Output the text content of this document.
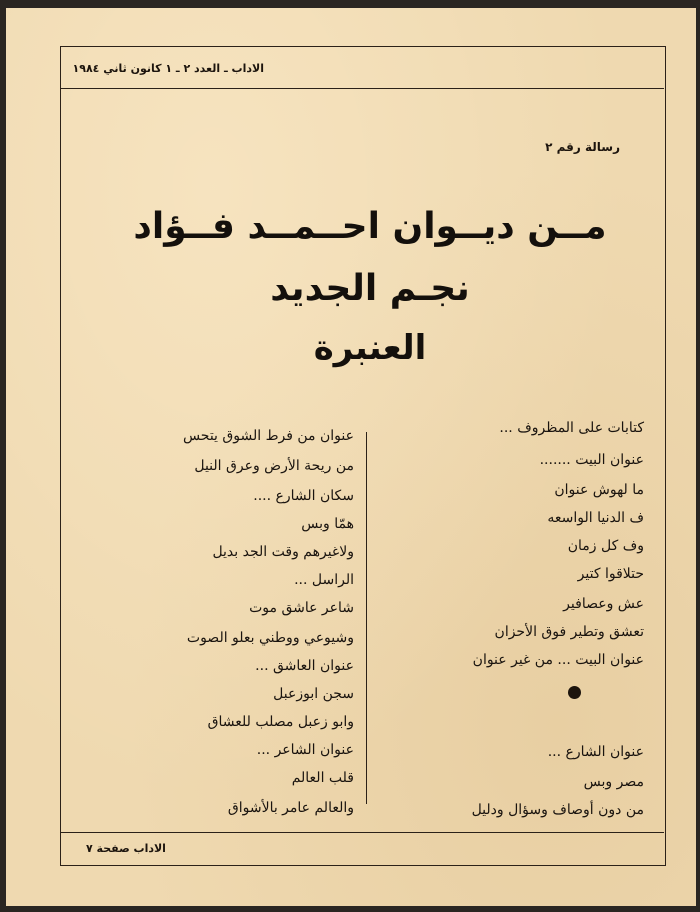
الاداب ـ العدد ٢ ـ ١ كانون ثاني ١٩٨٤
رسالة رقم ٢
مــن ديــوان احــمــد فــؤاد
نجـم الجديد
العنبرة
كتابات على المظروف ...
عنوان البيت .......
ما لهوش عنوان
ف الدنيا الواسعه
وف كل زمان
حتلاقوا كتير
عش وعصافير
تعشق وتطير فوق الأحزان
عنوان البيت ... من غير عنوان
عنوان الشارع ...
مصر وبس
من دون أوصاف وسؤال ودليل
عنوان من فرط الشوق يتحس
من ريحة الأرض وعرق النيل
سكان الشارع ....
همّا وبس
ولاغيرهم وقت الجد بديل
الراسل ...
شاعر عاشق موت
وشيوعي ووطني بعلو الصوت
عنوان العاشق ...
سجن ابوزعبل
وابو زعبل مصلب للعشاق
عنوان الشاعر ...
قلب العالم
والعالم عامر بالأشواق
الاداب صفحة ٧
